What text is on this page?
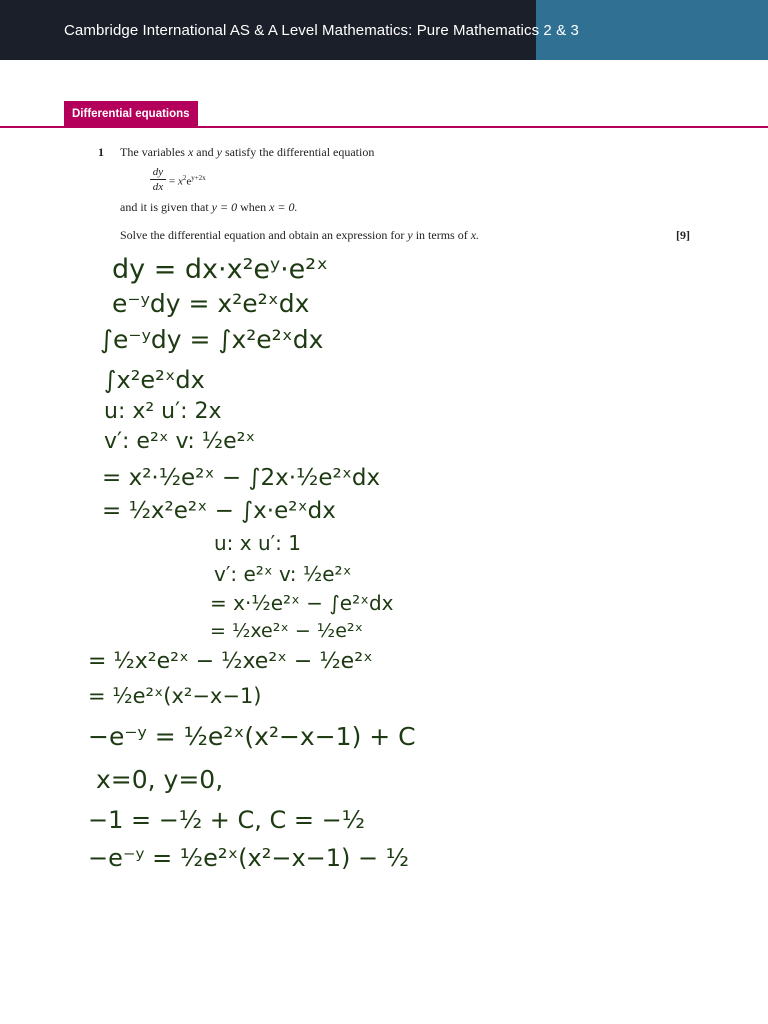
Cambridge International AS & A Level Mathematics: Pure Mathematics 2 & 3
Differential equations
1 The variables x and y satisfy the differential equation
$\frac{dy}{dx} = x^2e^{y+2x}$
and it is given that y = 0 when x = 0.
Solve the differential equation and obtain an expression for y in terms of x.	[9]
dy = dx·x²eʸ·e²ˣ
e⁻ʸdy = x²e²ˣdx
∫e⁻ʸdy = ∫x²e²ˣdx
∫x²e²ˣdx
u: x² u′: 2x
v′: e²ˣ v: ½e²ˣ
= x²·½e²ˣ − ∫2x·½e²ˣdx
= ½x²e²ˣ − ∫x·e²ˣdx
u: x u′: 1
v′: e²ˣ v: ½e²ˣ
= x·½e²ˣ − ∫e²ˣdx
= ½xe²ˣ − ½e²ˣ
= ½x²e²ˣ − ½xe²ˣ − ½e²ˣ
= ½e²ˣ(x²−x−1)
−e⁻ʸ = ½e²ˣ(x²−x−1) + C
x=0, y=0,
−1 = −½ + C, C = −½
−e⁻ʸ = ½e²ˣ(x²−x−1) − ½
